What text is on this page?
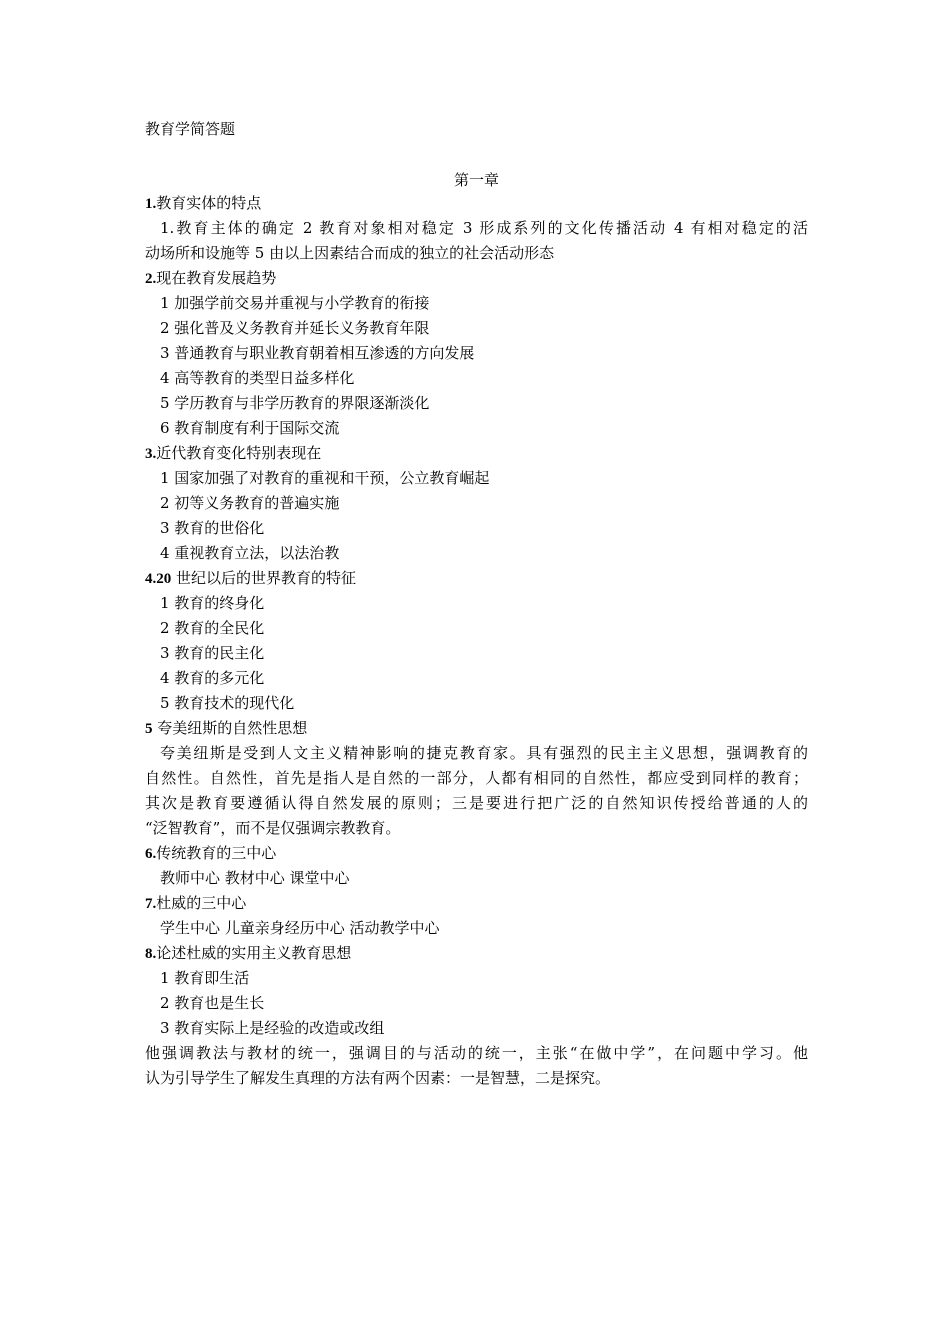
教育学简答题
第一章
1.教育实体的特点
1.教育主体的确定 2 教育对象相对稳定 3 形成系列的文化传播活动 4 有相对稳定的活
动场所和设施等 5 由以上因素结合而成的独立的社会活动形态
2.现在教育发展趋势
1 加强学前交易并重视与小学教育的衔接
2 强化普及义务教育并延长义务教育年限
3 普通教育与职业教育朝着相互渗透的方向发展
4 高等教育的类型日益多样化
5 学历教育与非学历教育的界限逐渐淡化
6 教育制度有利于国际交流
3.近代教育变化特别表现在
1 国家加强了对教育的重视和干预，公立教育崛起
2 初等义务教育的普遍实施
3 教育的世俗化
4 重视教育立法，以法治教
4.20 世纪以后的世界教育的特征
1 教育的终身化
2 教育的全民化
3 教育的民主化
4 教育的多元化
5 教育技术的现代化
5 夸美纽斯的自然性思想
夸美纽斯是受到人文主义精神影响的捷克教育家。具有强烈的民主主义思想，强调教育的
自然性。自然性，首先是指人是自然的一部分，人都有相同的自然性，都应受到同样的教育；
其次是教育要遵循认得自然发展的原则；三是要进行把广泛的自然知识传授给普通的人的
“泛智教育”，而不是仅强调宗教教育。
6.传统教育的三中心
教师中心 教材中心 课堂中心
7.杜威的三中心
学生中心 儿童亲身经历中心 活动教学中心
8.论述杜威的实用主义教育思想
1 教育即生活
2 教育也是生长
3 教育实际上是经验的改造或改组
他强调教法与教材的统一，强调目的与活动的统一，主张“在做中学”，在问题中学习。他
认为引导学生了解发生真理的方法有两个因素：一是智慧，二是探究。
